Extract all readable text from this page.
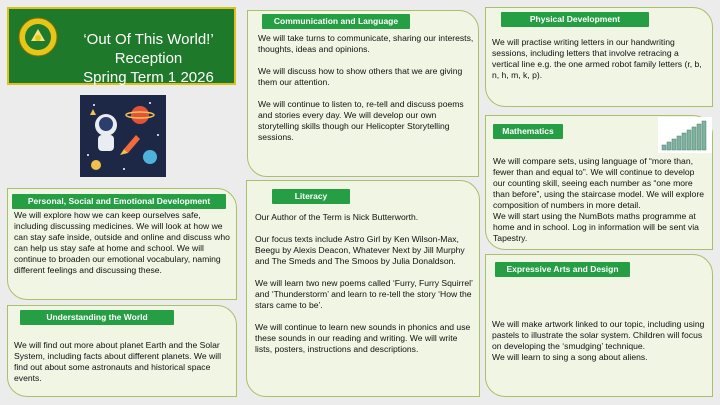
‘Out Of This World!’
Reception
Spring Term 1 2026
Communication and Language
We will take turns to communicate, sharing our interests, thoughts, ideas and opinions.

We will discuss how to show others that we are giving them our attention.

We will continue to listen to, re-tell and discuss poems and stories every day. We will develop our own storytelling skills though our Helicopter Storytelling sessions.
Physical Development
We will practise writing letters in our handwriting sessions, including letters that involve retracing a vertical line e.g. the one armed robot family letters (r, b, n, h, m, k, p).
Mathematics
We will compare sets, using language of “more than, fewer than and equal to”. We will continue to develop our counting skill, seeing each number as “one more than before”, using the staircase model. We will explore composition of numbers in more detail.
We will start using the NumBots maths programme at home and in school. Log in information will be sent via Tapestry.
Personal, Social and Emotional Development
We will explore how we can keep ourselves safe, including discussing medicines. We will look at how we can stay safe inside, outside and online and discuss who can help us stay safe at home and school. We will continue to broaden our emotional vocabulary, naming different feelings and discussing these.
Literacy
Our Author of the Term is Nick Butterworth.

Our focus texts include Astro Girl by Ken Wilson-Max, Beegu by Alexis Deacon, Whatever Next by Jill Murphy and The Smeds and The Smoos by Julia Donaldson.

We will learn two new poems called ‘Furry, Furry Squirrel’ and ‘Thunderstorm’ and learn to re-tell the story ‘How the stars came to be’.

We will continue to learn new sounds in phonics and use these sounds in our reading and writing. We will write lists, posters, instructions and descriptions.
Understanding the World
We will find out more about planet Earth and the Solar System, including facts about different planets. We will find out about some astronauts and historical space events.
Expressive Arts and Design
We will make artwork linked to our topic, including using pastels to illustrate the solar system. Children will focus on developing the ‘smudging’ technique.
We will learn to sing a song about aliens.
